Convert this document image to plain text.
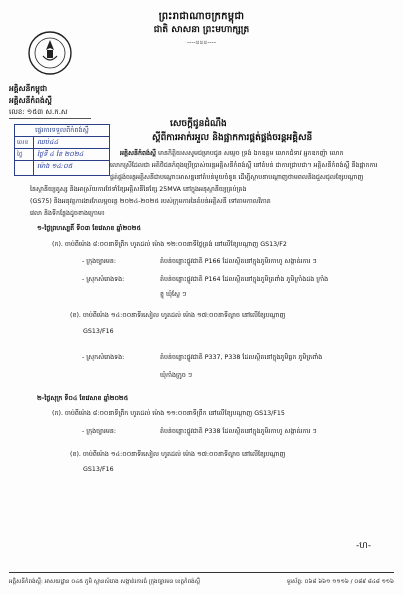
ព្រះរាជាណាចក្រកម្ពុជា
ជាតិ សាសនា ព្រះមហាក្សត្រ
----৪৪৪----
អគ្គិសនីកម្ពុជា
អគ្គិសនីកំពង់ស្ពឺ
លេខ: ១៥៣ ស.ក.ស
ផ្ទេរការទទួលពីកំពង់ស្ពឺ
លេខ ឈប់៤៤
ថ្ងៃ ថ្ងៃទី ៤ ខែ ២០២៤
ម៉ោង ១៤:០៥
សេចក្តីជូនដំណឹង
ស្តីពីការអាក់រអួល និងផ្អាកការផ្គត់ផ្គង់ចរន្តអគ្គិសនី
អគ្គិសនីកំពង់ស្ពឺ មានកិត្តិយសសូមជម្រាបជូន សម្តេច ទ្រង់ ឯកឧត្តម លោកជំទាវ អ្នកឧកញ៉ា លោក
លោកស្រីដែលជា អតិថិជនកំពុងប្រើប្រាស់ចរន្តអគ្គិសនីកំពង់ស្ពឺ នៅតំបន់ ជាការជ្រាបជា។ អគ្គិសនីកំពង់ស្ពឺ នឹងផ្អាកការ
ផ្គត់ផ្គង់ចរន្តអគ្គិសនីជាបណ្តោះអាសន្ននៅតំបន់មួយចំនួន ដើម្បីស្ថាបនាបណ្តាញថាមពលនិងជួសជុលខ្សែបណ្តាញ
នៃស្ថានីយ្យតូស្ស និងអាស្រ័យការថែទាំខ្សែអគ្គិសនីនៃខ្សែ 25MVA នៅក្នុងអនុស្ថានីយ្យគ្រប់គ្រង
(GS75) និងអនុវត្តការងារកែលម្អចរន្ត ២០២៤-២០២៥ របស់ក្រុមការនៃតំបន់អគ្គិសនី ទៅតាមកាលវិភាគ
វេលា និងទីកន្លែងដូចខាងក្រោម៖
១-ថ្ងៃព្រហស្បតិ៍ ទី០៣ ខែវេសាខ ឆ្នាំ២០២៥
(ក). ចាប់ពីម៉ោង ៨:០០នាទីព្រឹក ហូតដល់ ម៉ោង ១២:០០នាទីថ្ងៃត្រង់ នៅលើខ្សែបណ្តាញ GS13/F2
- ក្រុងច្បារមន:	តំបន់ចន្លោះផ្លូវជាតិ P166 ដែលស្ថិតនៅក្នុងភូមិរកាហូ សង្កាត់រការ ៗ
- ស្រុកសំរោងទង:	តំបន់ចន្លោះផ្លូវជាតិ P164 ដែលស្ថិតនៅក្នុងភូមិត្រពាំង ភូមិក្រាំងដង ក្រាំង
ខ្នុ ឃុំស្លែ ៗ
(ខ). ចាប់ពីម៉ោង ១៤:០០នាទីរសៀល ហូតដល់ ម៉ោង ១៧:០០នាទីល្ងាច នៅលើខ្សែបណ្តាញ
GS13/F16
- ស្រុកសំរោងទង:	តំបន់ចន្លោះផ្លូវជាតិ P337, P338 ដែលស្ថិតនៅក្នុងភូមិធ្លក ភូមិត្រពាំង
ឃុំកាំងក្រូច ៗ
២-ថ្ងៃសុក្រ ទី០៤ ខែវេសាខ ឆ្នាំ២០២៥
(ក). ចាប់ពីម៉ោង ៨:០០នាទីព្រឹក ហូតដល់ ម៉ោង ១១:០០នាទីព្រឹក នៅលើខ្សែបណ្តាញ GS13/F15
- ក្រុងច្បារមន:	តំបន់ចន្លោះផ្លូវជាតិ P338 ដែលស្ថិតនៅក្នុងភូមិរកាហូ សង្កាត់រការ ៗ
(ខ). ចាប់ពីម៉ោង ១៤:០០នាទីរសៀល ហូតដល់ ម៉ោង ១៧:០០នាទីល្ងាច នៅលើខ្សែបណ្តាញ
GS13/F16
-ហ-
អគ្គិសនីកំពង់ស្ពឺ: អាសយដ្ឋាន ០៤៥ ភូមិ ស្ពានសំរោង សង្កាត់រការធំ ក្រុងច្បារមន ខេត្តកំពង់ស្ពឺ	ទូរស័ព្ទ: ០៦៨ ៦៦១ ១១១៦ / ០៨៩ ៨៤៨ ១១៦
